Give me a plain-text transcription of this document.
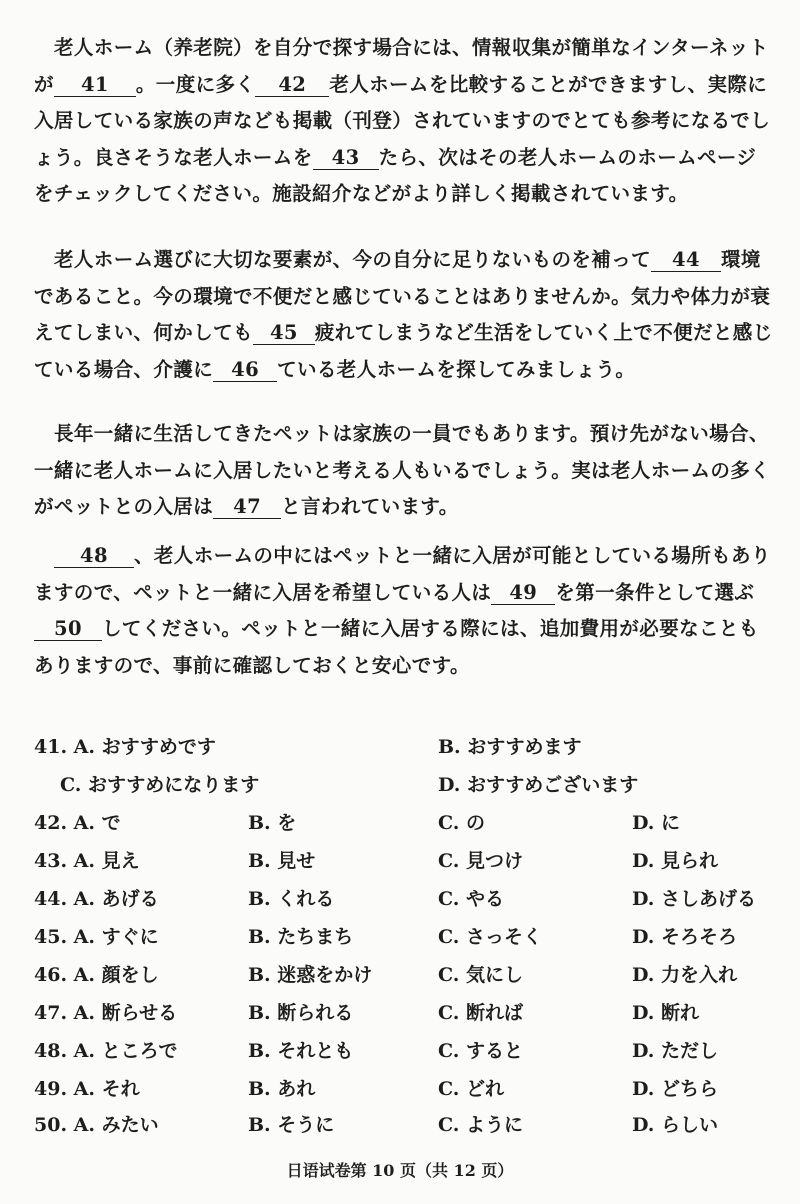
老人ホーム（养老院）を自分で探す場合には、情報収集が簡単なインターネットが 41 。一度に多く 42 老人ホームを比較することができますし、実際に入居している家族の声なども掲載（刊登）されていますのでとても参考になるでしょう。良さそうな老人ホームを 43 たら、次はその老人ホームのホームページをチェックしてください。施設紹介などがより詳しく掲載されています。

老人ホーム選びに大切な要素が、今の自分に足りないものを補って 44 環境であること。今の環境で不便だと感じていることはありませんか。気力や体力が衰えてしまい、何かしても 45 疲れてしまうなど生活をしていく上で不便だと感じている場合、介護に 46 ている老人ホームを探してみましょう。

長年一緒に生活してきたペットは家族の一員でもあります。預け先がない場合、一緒に老人ホームに入居したいと考える人もいるでしょう。実は老人ホームの多くがペットとの入居は 47 と言われています。

48 、老人ホームの中にはペットと一緒に入居が可能としている場所もありますので、ペットと一緒に入居を希望している人は 49 を第一条件として選ぶ50 してください。ペットと一緒に入居する際には、追加費用が必要なこともありますので、事前に確認しておくと安心です。

41. A. おすすめです	B. おすすめます
C. おすすめになります	D. おすすめございます
42. A. で	B. を	C. の	D. に
43. A. 見え	B. 見せ	C. 見つけ	D. 見られ
44. A. あげる	B. くれる	C. やる	D. さしあげる
45. A. すぐに	B. たちまち	C. さっそく	D. そろそろ
46. A. 顔をし	B. 迷惑をかけ	C. 気にし	D. 力を入れ
47. A. 断らせる	B. 断られる	C. 断れば	D. 断れ
48. A. ところで	B. それとも	C. すると	D. ただし
49. A. それ	B. あれ	C. どれ	D. どちら
50. A. みたい	B. そうに	C. ように	D. らしい
日语试卷第 10 页（共 12 页）
